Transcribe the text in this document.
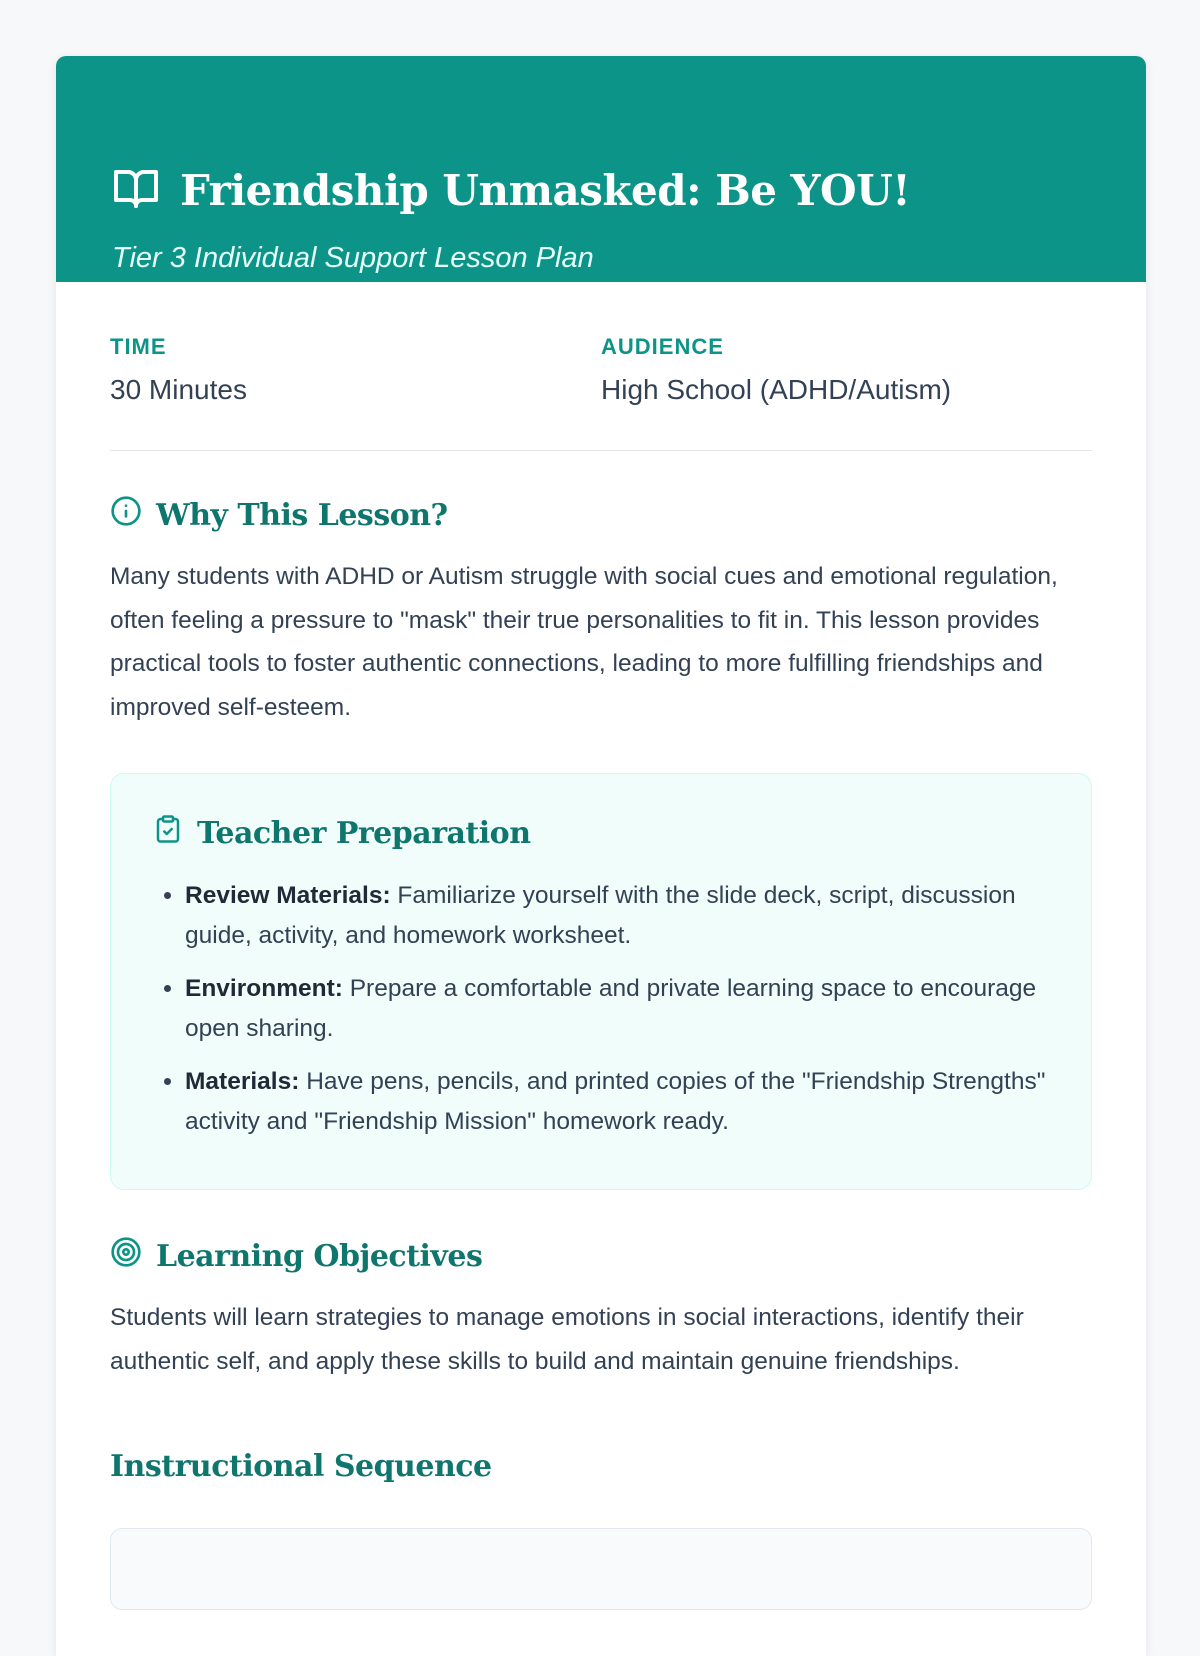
Friendship Unmasked: Be YOU!
Tier 3 Individual Support Lesson Plan
TIME
30 Minutes
AUDIENCE
High School (ADHD/Autism)
Why This Lesson?

Many students with ADHD or Autism struggle with social cues and emotional regulation, often feeling a pressure to "mask" their true personalities to fit in. This lesson provides practical tools to foster authentic connections, leading to more fulfilling friendships and improved self-esteem.

Teacher Preparation
• Review Materials: Familiarize yourself with the slide deck, script, discussion guide, activity, and homework worksheet.
• Environment: Prepare a comfortable and private learning space to encourage open sharing.
• Materials: Have pens, pencils, and printed copies of the "Friendship Strengths" activity and "Friendship Mission" homework ready.
Learning Objectives

Students will learn strategies to manage emotions in social interactions, identify their authentic self, and apply these skills to build and maintain genuine friendships.

Instructional Sequence
